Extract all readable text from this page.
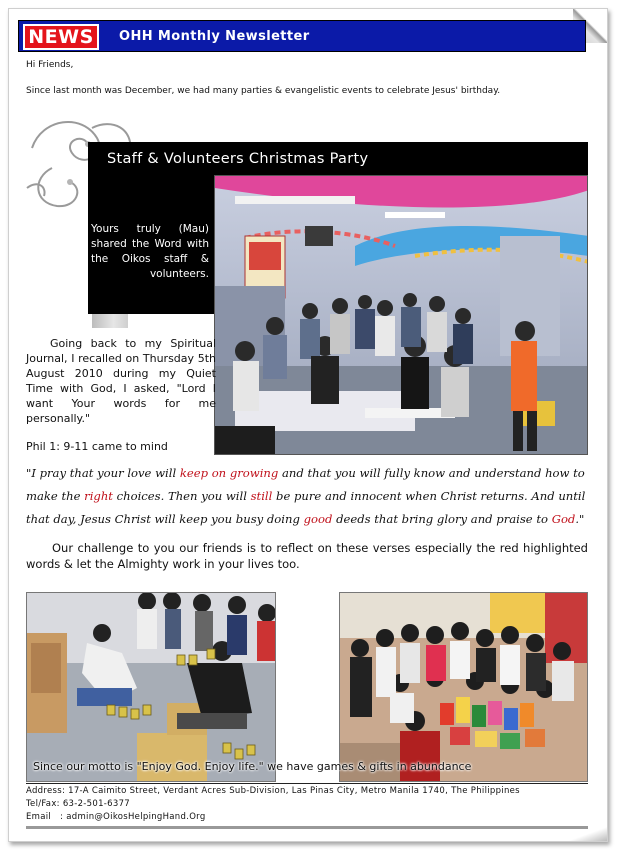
NEWS	OHH Monthly Newsletter
Hi Friends,
Since last month was December, we had many parties & evangelistic events to celebrate Jesus' birthday.
Staff & Volunteers Christmas Party
Yours truly (Mau) shared the Word with the Oikos staff & volunteers.
Going back to my Spiritual Journal, I recalled on Thursday 5th August 2010 during my Quiet Time with God, I asked, "Lord I want Your words for me personally."
Phil 1: 9-11 came to mind
"I pray that your love will keep on growing and that you will fully know and understand how to make the right choices. Then you will still be pure and innocent when Christ returns. And until that day, Jesus Christ will keep you busy doing good deeds that bring glory and praise to God."
Our challenge to you our friends is to reflect on these verses especially the red highlighted words & let the Almighty work in your lives too.
Since our motto is "Enjoy God. Enjoy life." we have games & gifts in abundance
Address: 17-A Caimito Street, Verdant Acres Sub-Division, Las Pinas City, Metro Manila 1740, The Philippines
Tel/Fax: 63-2-501-6377
Email   : admin@OikosHelpingHand.Org
